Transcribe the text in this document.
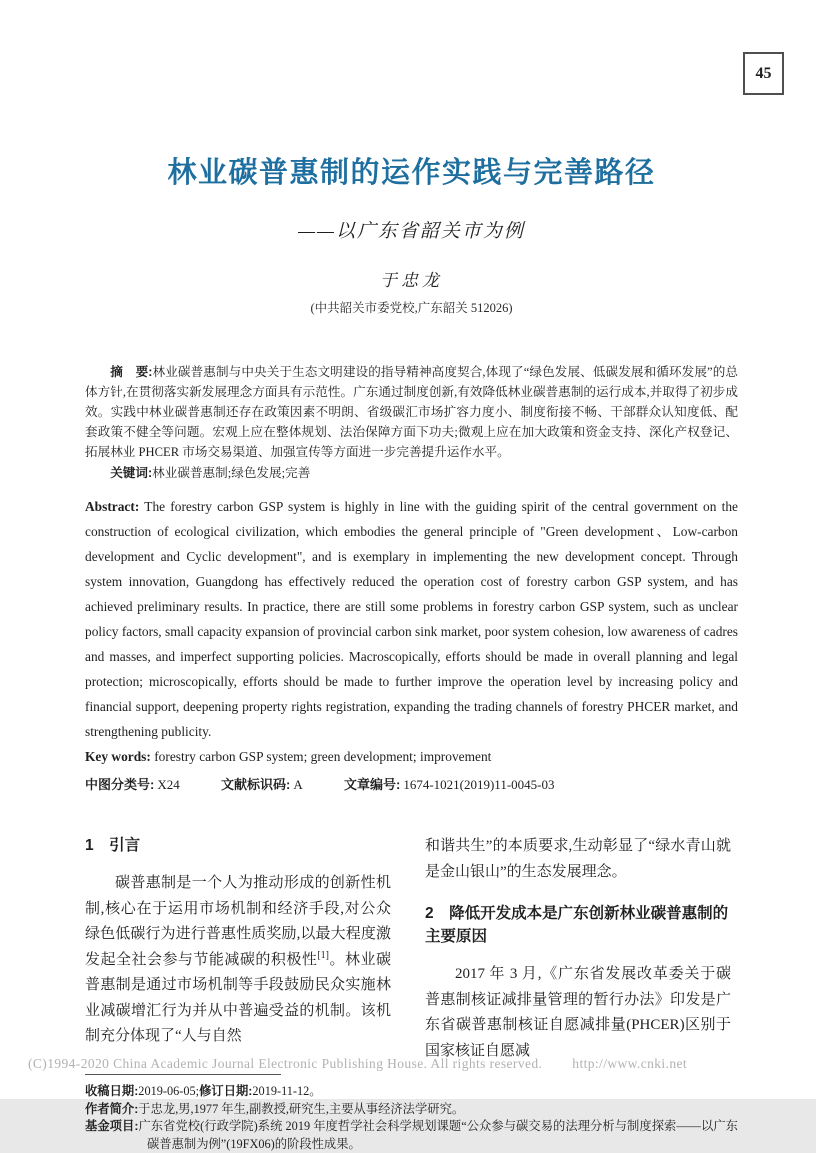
45
林业碳普惠制的运作实践与完善路径
——以广东省韶关市为例
于忠龙
(中共韶关市委党校,广东韶关 512026)

摘　要:林业碳普惠制与中央关于生态文明建设的指导精神高度契合,体现了“绿色发展、低碳发展和循环发展”的总体方针,在贯彻落实新发展理念方面具有示范性。广东通过制度创新,有效降低林业碳普惠制的运行成本,并取得了初步成效。实践中林业碳普惠制还存在政策因素不明朗、省级碳汇市场扩容力度小、制度衔接不畅、干部群众认知度低、配套政策不健全等问题。宏观上应在整体规划、法治保障方面下功夫;微观上应在加大政策和资金支持、深化产权登记、拓展林业 PHCER 市场交易渠道、加强宣传等方面进一步完善提升运作水平。

关键词:林业碳普惠制;绿色发展;完善

Abstract: The forestry carbon GSP system is highly in line with the guiding spirit of the central government on the construction of ecological civilization, which embodies the general principle of "Green development、Low-carbon development and Cyclic development", and is exemplary in implementing the new development concept. Through system innovation, Guangdong has effectively reduced the operation cost of forestry carbon GSP system, and has achieved preliminary results. In practice, there are still some problems in forestry carbon GSP system, such as unclear policy factors, small capacity expansion of provincial carbon sink market, poor system cohesion, low awareness of cadres and masses, and imperfect supporting policies. Macroscopically, efforts should be made in overall planning and legal protection; microscopically, efforts should be made to further improve the operation level by increasing policy and financial support, deepening property rights registration, expanding the trading channels of forestry PHCER market, and strengthening publicity.

Key words: forestry carbon GSP system; green development; improvement

中图分类号: X24	文献标识码: A	文章编号: 1674-1021(2019)11-0045-03

1　引言

碳普惠制是一个人为推动形成的创新性机制,核心在于运用市场机制和经济手段,对公众绿色低碳行为进行普惠性质奖励,以最大程度激发起全社会参与节能减碳的积极性[1]。林业碳普惠制是通过市场机制等手段鼓励民众实施林业减碳增汇行为并从中普遍受益的机制。该机制充分体现了“人与自然

和谐共生”的本质要求,生动彰显了“绿水青山就是金山银山”的生态发展理念。

2　降低开发成本是广东创新林业碳普惠制的主要原因

2017 年 3 月,《广东省发展改革委关于碳普惠制核证减排量管理的暂行办法》印发是广东省碳普惠制核证自愿减排量(PHCER)区别于国家核证自愿减

收稿日期:2019-06-05;修订日期:2019-11-12。

作者简介:于忠龙,男,1977 年生,副教授,研究生,主要从事经济法学研究。

基金项目:广东省党校(行政学院)系统 2019 年度哲学社会科学规划课题“公众参与碳交易的法理分析与制度探索——以广东碳普惠制为例”(19FX06)的阶段性成果。

(C)1994-2020 China Academic Journal Electronic Publishing House. All rights reserved. http://www.cnki.net
